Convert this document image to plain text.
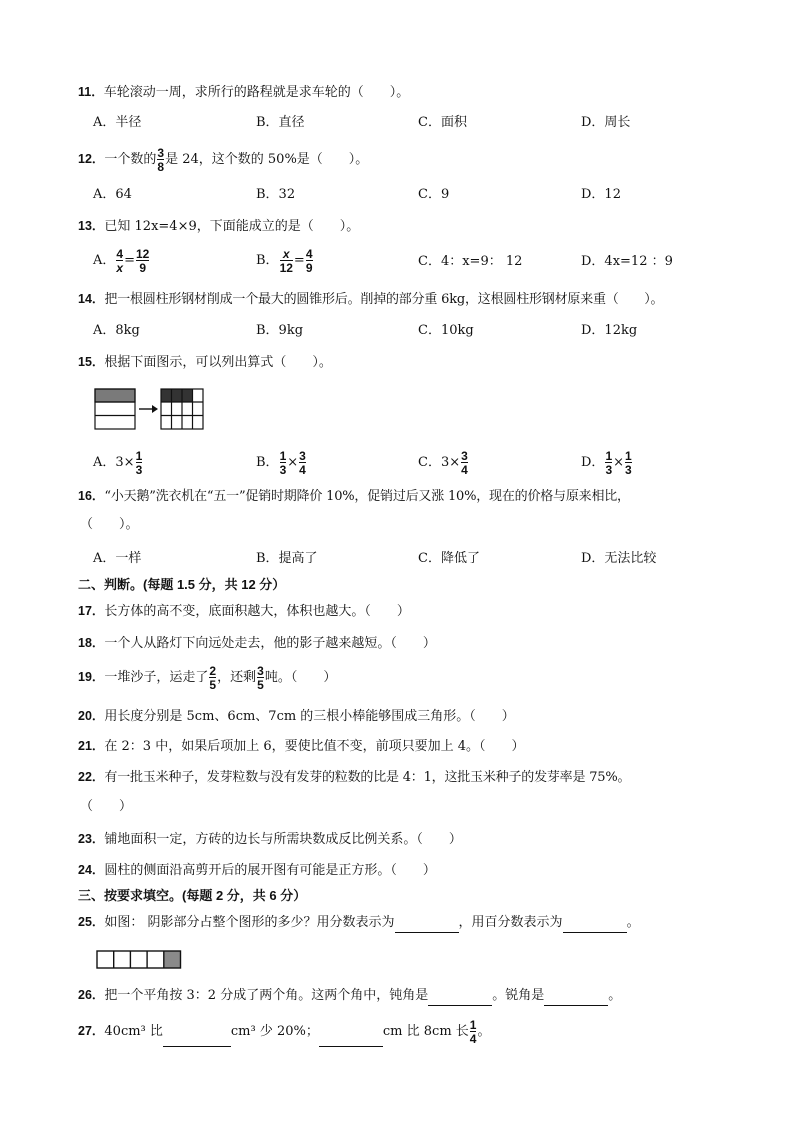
11．车轮滚动一周，求所行的路程就是求车轮的（　　）。
A．半径	B．直径	C．面积	D．周长
12．一个数的 $\frac{3}{8}$ 是 24，这个数的 50%是（　　）。
A．64	B．32	C．9	D．12
13．已知 12x=4×9，下面能成立的是（　　）。
A． $\frac{4}{x} = \frac{12}{9}$	B． $\frac{x}{12} = \frac{4}{9}$	C．4：x=9： 12	D．4x=12 ：9
14．把一根圆柱形钢材削成一个最大的圆锥形后。削掉的部分重 6kg，这根圆柱形钢材原来重（　　）。
A．8kg	B．9kg	C．10kg	D．12kg
15．根据下面图示，可以列出算式（　　）。
A．$3\times \frac{1}{3}$	B． $\frac{1}{3} \times \frac{3}{4}$	C．$3\times \frac{3}{4}$	D． $\frac{1}{3} \times \frac{1}{3}$
16．“小天鹅”洗衣机在“五一”促销时期降价 10%，促销过后又涨 10%，现在的价格与原来相比，
（　　）。
A．一样	B．提高了	C．降低了	D．无法比较
二、判断。(每题 1.5 分，共 12 分）
17．长方体的高不变，底面积越大，体积也越大。（　　）
18．一个人从路灯下向远处走去，他的影子越来越短。（　　）
19．一堆沙子，运走了 $\frac{2}{5}$ ，还剩 $\frac{3}{5}$ 吨。（　　）
20．用长度分别是 5cm、6cm、7cm 的三根小棒能够围成三角形。（　　）
21．在 2：3 中，如果后项加上 6，要使比值不变，前项只要加上 4。（　　）
22．有一批玉米种子，发芽粒数与没有发芽的粒数的比是 4：1，这批玉米种子的发芽率是 75%。
（　　）
23．铺地面积一定，方砖的边长与所需块数成反比例关系。（　　）
24．圆柱的侧面沿高剪开后的展开图有可能是正方形。（　　）
三、按要求填空。(每题 2 分，共 6 分）
25．如图： 阴影部分占整个图形的多少？用分数表示为	，用百分数表示为	。
26．把一个平角按 3：2 分成了两个角。这两个角中，钝角是	。锐角是	。
27．40cm³ 比	cm³ 少 20%；	cm 比 8cm 长 $\frac{1}{4}$ 。
